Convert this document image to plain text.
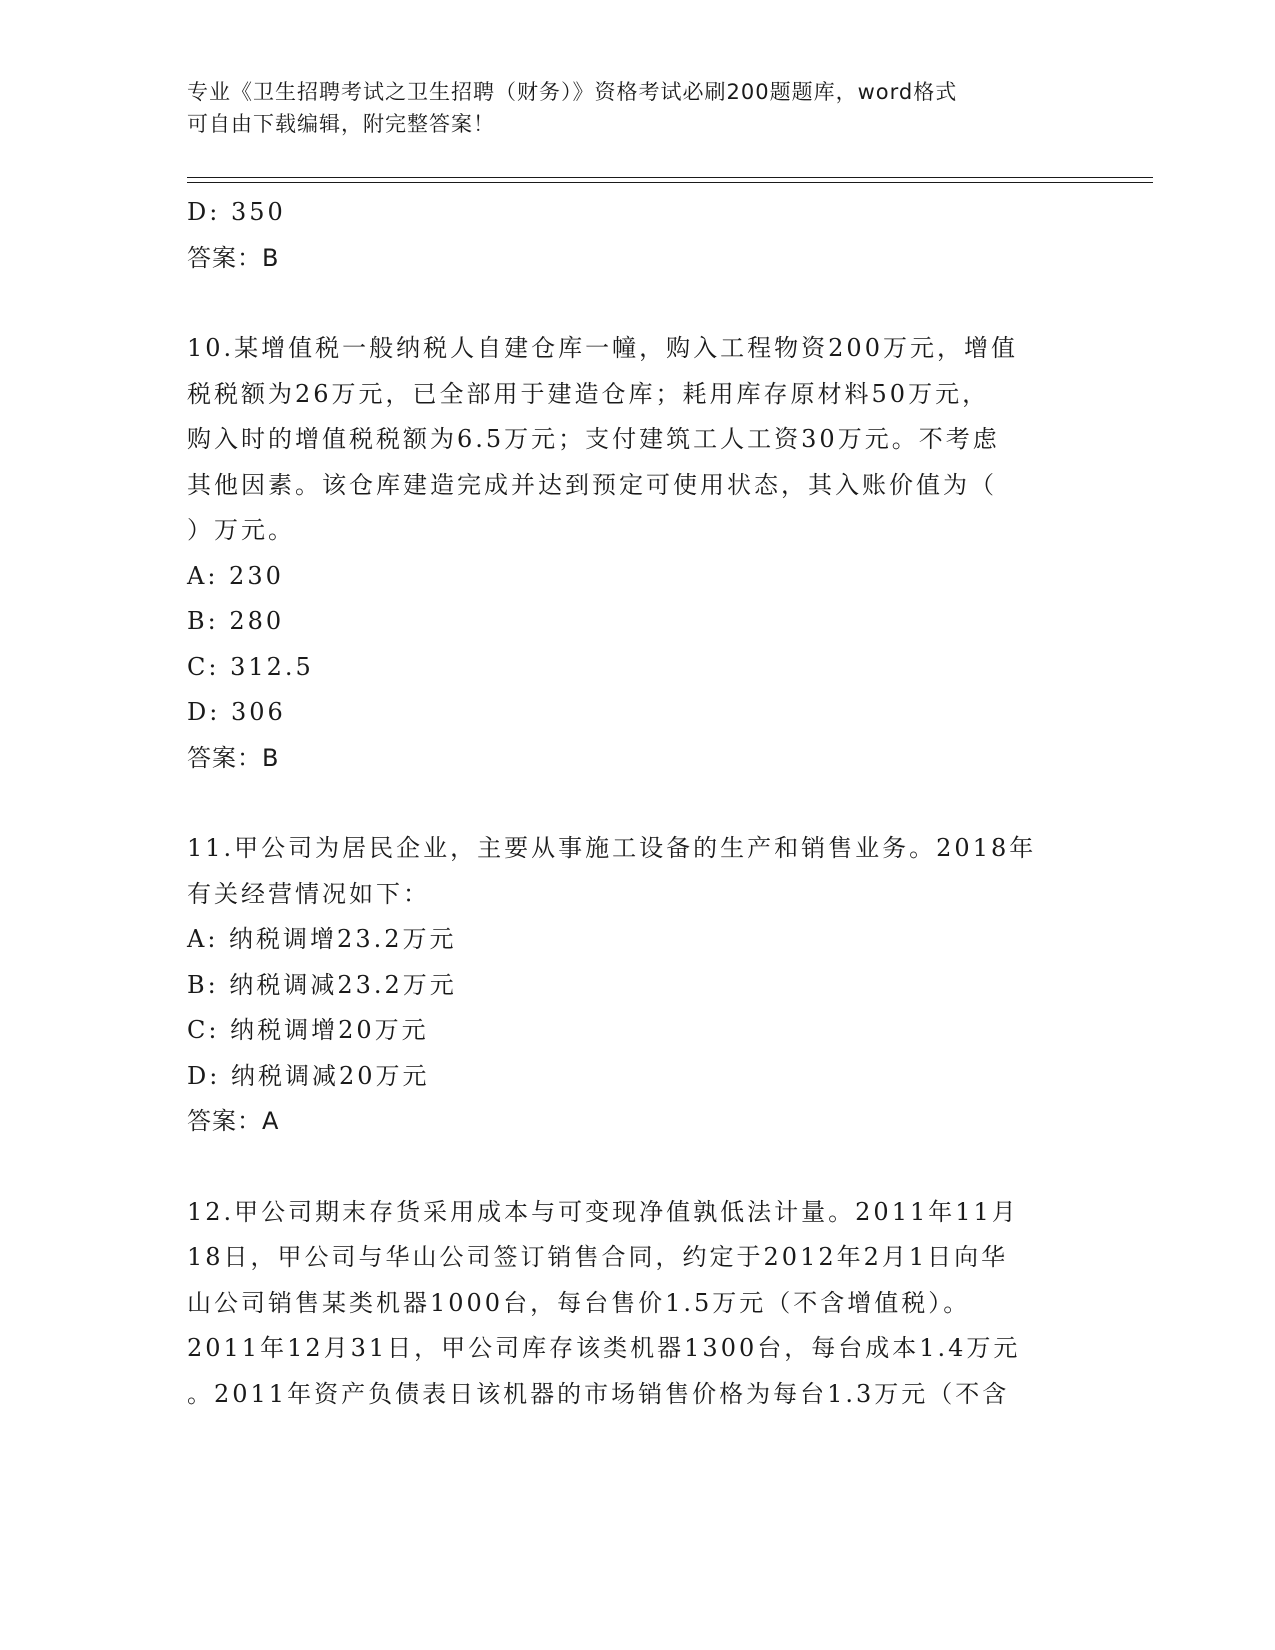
专业《卫生招聘考试之卫生招聘（财务）》资格考试必刷200题题库，word格式
可自由下载编辑，附完整答案！
D: 350
答案：B
10.某增值税一般纳税人自建仓库一幢，购入工程物资200万元，增值
税税额为26万元，已全部用于建造仓库；耗用库存原材料50万元，
购入时的增值税税额为6.5万元；支付建筑工人工资30万元。不考虑
其他因素。该仓库建造完成并达到预定可使用状态，其入账价值为（
）万元。
A: 230
B: 280
C: 312.5
D: 306
答案：B
11.甲公司为居民企业，主要从事施工设备的生产和销售业务。2018年
有关经营情况如下：
A: 纳税调增23.2万元
B: 纳税调减23.2万元
C: 纳税调增20万元
D: 纳税调减20万元
答案：A
12.甲公司期末存货采用成本与可变现净值孰低法计量。2011年11月
18日，甲公司与华山公司签订销售合同，约定于2012年2月1日向华
山公司销售某类机器1000台，每台售价1.5万元（不含增值税）。
2011年12月31日，甲公司库存该类机器1300台，每台成本1.4万元
。2011年资产负债表日该机器的市场销售价格为每台1.3万元（不含
